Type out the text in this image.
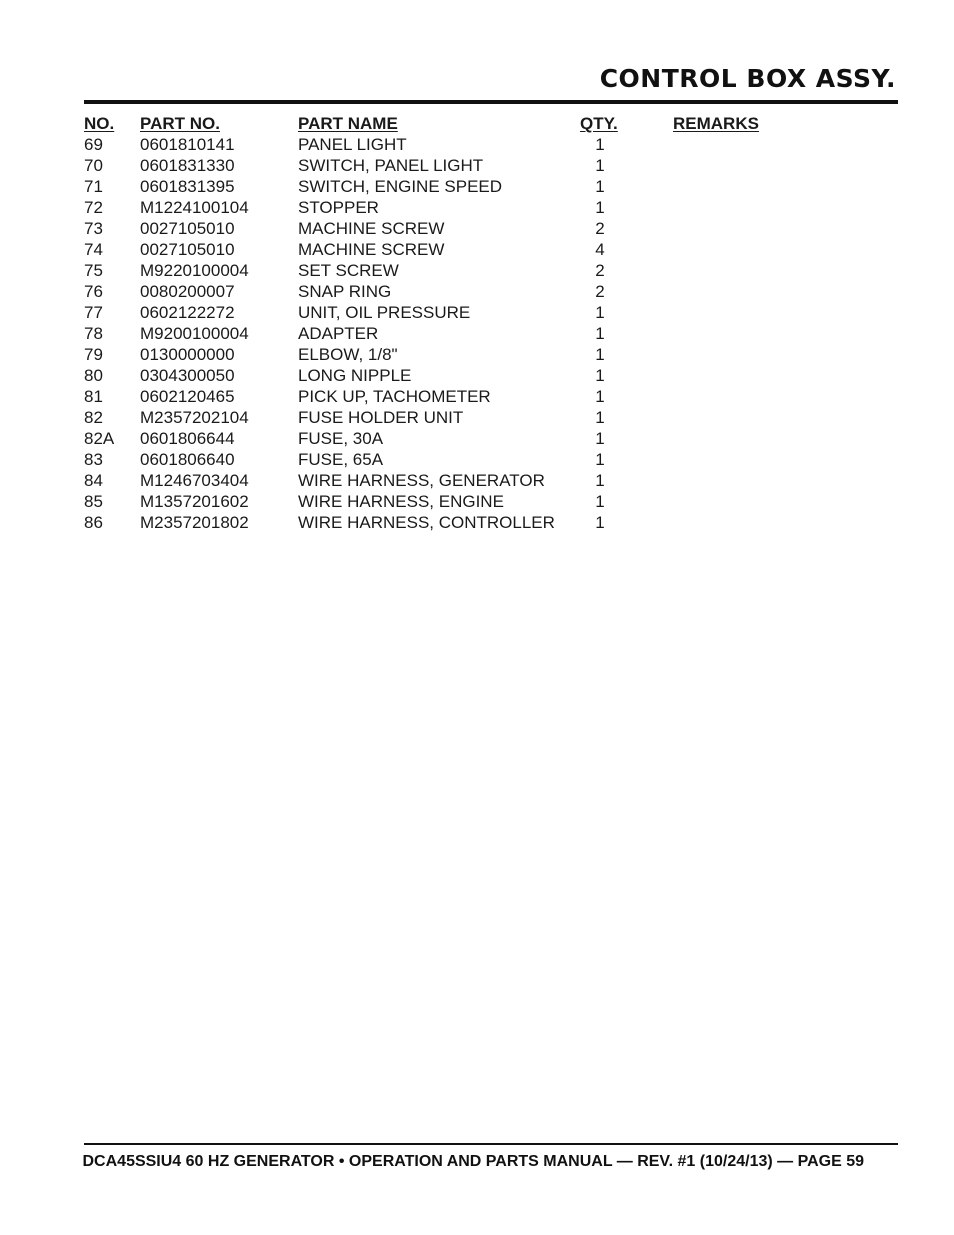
CONTROL BOX ASSY.
NO. PART NO.	PART NAME	QTY.	REMARKS
69 0601810141	PANEL LIGHT	1
70 0601831330	SWITCH, PANEL LIGHT	1
71 0601831395	SWITCH, ENGINE SPEED	1
72 M1224100104	STOPPER	1
73 0027105010	MACHINE SCREW	2
74 0027105010	MACHINE SCREW	4
75 M9220100004	SET SCREW	2
76 0080200007	SNAP RING	2
77 0602122272	UNIT, OIL PRESSURE	1
78 M9200100004	ADAPTER	1
79 0130000000	ELBOW, 1/8"	1
80 0304300050	LONG NIPPLE	1
81 0602120465	PICK UP, TACHOMETER	1
82 M2357202104	FUSE HOLDER UNIT	1
82A 0601806644	FUSE, 30A	1
83 0601806640	FUSE, 65A	1
84 M1246703404	WIRE HARNESS, GENERATOR	1
85 M1357201602	WIRE HARNESS, ENGINE	1
86 M2357201802	WIRE HARNESS, CONTROLLER	1
DCA45SSIU4 60 HZ GENERATOR • OPERATION AND PARTS MANUAL — REV. #1 (10/24/13) — PAGE 59
